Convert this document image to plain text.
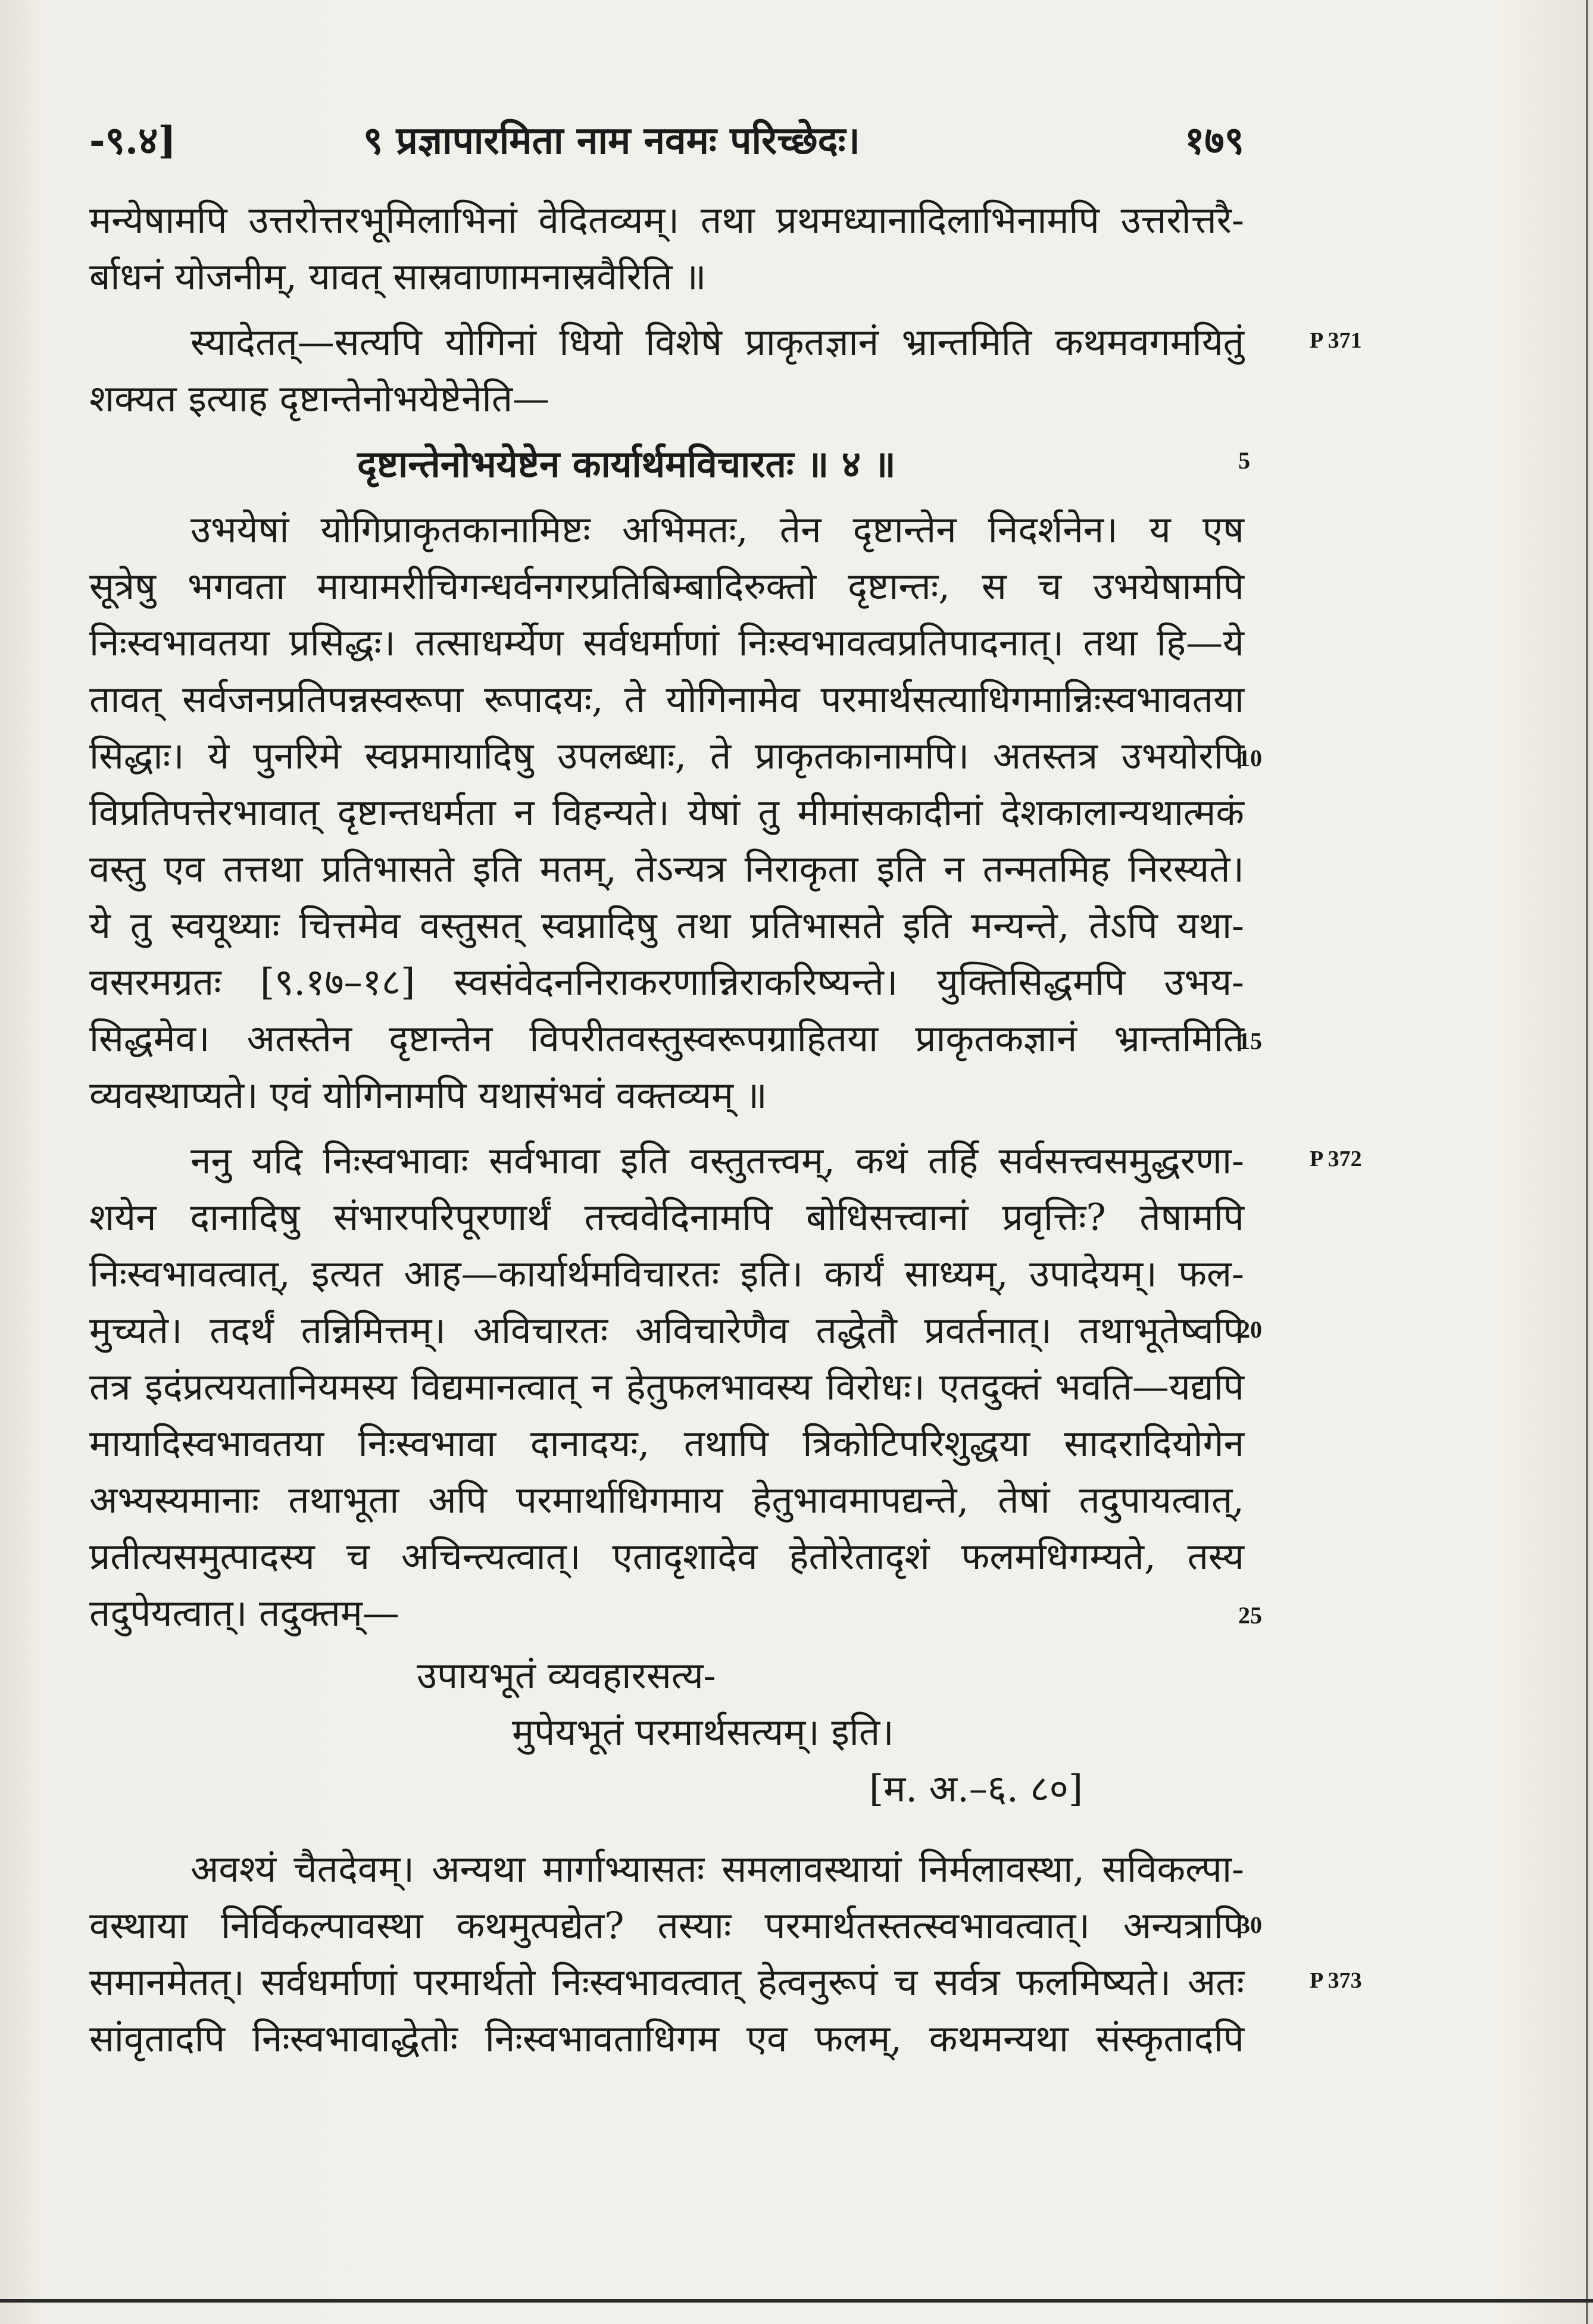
-९.४]	९ प्रज्ञापारमिता नाम नवमः परिच्छेदः।	१७९
मन्येषामपि उत्तरोत्तरभूमिलाभिनां वेदितव्यम्। तथा प्रथमध्यानादिलाभिनामपि उत्तरोत्तरै-
र्बाधनं योजनीम्, यावत् सास्रवाणामनास्रवैरिति ॥
स्यादेतत्—सत्यपि योगिनां धियो विशेषे प्राकृतज्ञानं भ्रान्तमिति कथमवगमयितुं
शक्यत इत्याह दृष्टान्तेनोभयेष्टेनेति—
दृष्टान्तेनोभयेष्टेन कार्यार्थमविचारतः ॥ ४ ॥
उभयेषां योगिप्राकृतकानामिष्टः अभिमतः, तेन दृष्टान्तेन निदर्शनेन। य एष
सूत्रेषु भगवता मायामरीचिगन्धर्वनगरप्रतिबिम्बादिरुक्तो दृष्टान्तः, स च उभयेषामपि
निःस्वभावतया प्रसिद्धः। तत्साधर्म्येण सर्वधर्माणां निःस्वभावत्वप्रतिपादनात्। तथा हि—ये
तावत् सर्वजनप्रतिपन्नस्वरूपा रूपादयः, ते योगिनामेव परमार्थसत्याधिगमान्निःस्वभावतया
सिद्धाः। ये पुनरिमे स्वप्नमायादिषु उपलब्धाः, ते प्राकृतकानामपि। अतस्तत्र उभयोरपि
विप्रतिपत्तेरभावात् दृष्टान्तधर्मता न विहन्यते। येषां तु मीमांसकादीनां देशकालान्यथात्मकं
वस्तु एव तत्तथा प्रतिभासते इति मतम्, तेऽन्यत्र निराकृता इति न तन्मतमिह निरस्यते।
ये तु स्वयूथ्याः चित्तमेव वस्तुसत् स्वप्नादिषु तथा प्रतिभासते इति मन्यन्ते, तेऽपि यथा-
वसरमग्रतः [९.१७–१८] स्वसंवेदननिराकरणान्निराकरिष्यन्ते। युक्तिसिद्धमपि उभय-
सिद्धमेव। अतस्तेन दृष्टान्तेन विपरीतवस्तुस्वरूपग्राहितया प्राकृतकज्ञानं भ्रान्तमिति
व्यवस्थाप्यते। एवं योगिनामपि यथासंभवं वक्तव्यम् ॥
ननु यदि निःस्वभावाः सर्वभावा इति वस्तुतत्त्वम्, कथं तर्हि सर्वसत्त्वसमुद्धरणा-
शयेन दानादिषु संभारपरिपूरणार्थं तत्त्ववेदिनामपि बोधिसत्त्वानां प्रवृत्तिः? तेषामपि
निःस्वभावत्वात्, इत्यत आह—कार्यार्थमविचारतः इति। कार्यं साध्यम्, उपादेयम्। फल-
मुच्यते। तदर्थं तन्निमित्तम्। अविचारतः अविचारेणैव तद्धेतौ प्रवर्तनात्। तथाभूतेष्वपि
तत्र इदंप्रत्ययतानियमस्य विद्यमानत्वात् न हेतुफलभावस्य विरोधः। एतदुक्तं भवति—यद्यपि
मायादिस्वभावतया निःस्वभावा दानादयः, तथापि त्रिकोटिपरिशुद्धया सादरादियोगेन
अभ्यस्यमानाः तथाभूता अपि परमार्थाधिगमाय हेतुभावमापद्यन्ते, तेषां तदुपायत्वात्,
प्रतीत्यसमुत्पादस्य च अचिन्त्यत्वात्। एतादृशादेव हेतोरेतादृशं फलमधिगम्यते, तस्य
तदुपेयत्वात्। तदुक्तम्—
उपायभूतं व्यवहारसत्य-
मुपेयभूतं परमार्थसत्यम्। इति।
[म. अ.–६. ८०]
अवश्यं चैतदेवम्। अन्यथा मार्गाभ्यासतः समलावस्थायां निर्मलावस्था, सविकल्पा-
वस्थाया निर्विकल्पावस्था कथमुत्पद्येत? तस्याः परमार्थतस्तत्स्वभावत्वात्। अन्यत्रापि
समानमेतत्। सर्वधर्माणां परमार्थतो निःस्वभावत्वात् हेत्वनुरूपं च सर्वत्र फलमिष्यते। अतः
सांवृतादपि निःस्वभावाद्धेतोः निःस्वभावताधिगम एव फलम्, कथमन्यथा संस्कृतादपि
5
10
15
20
25
30
P 371
P 372
P 373
